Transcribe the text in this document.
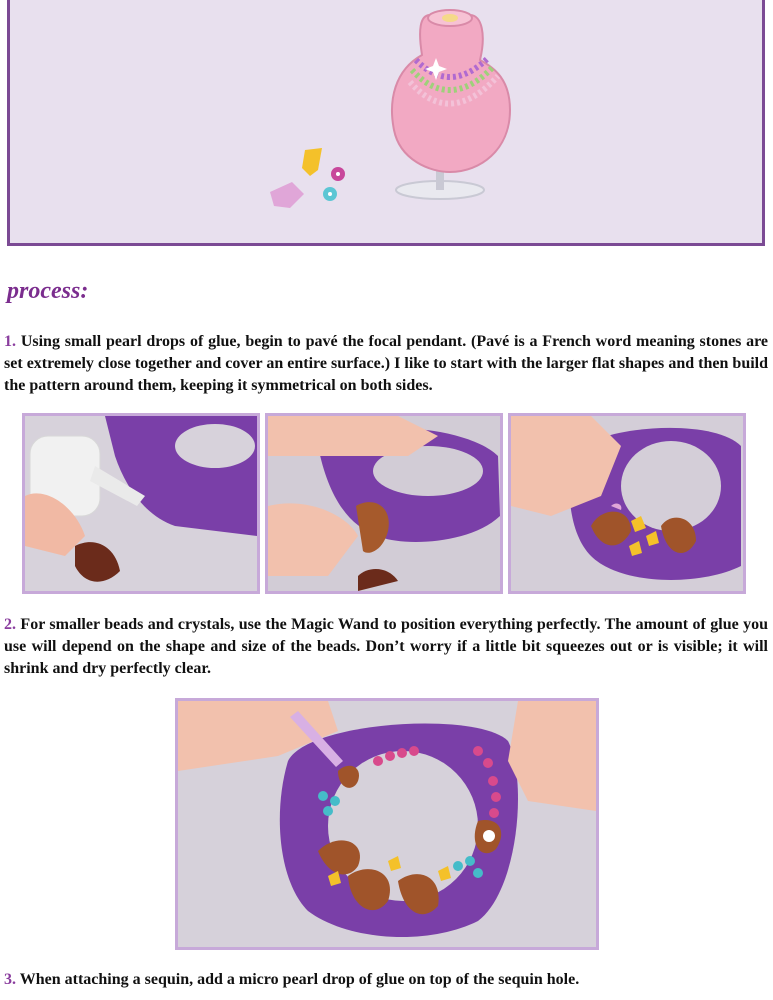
process:
1. Using small pearl drops of glue, begin to pavé the focal pendant. (Pavé is a French word meaning stones are set extremely close together and cover an entire surface.) I like to start with the larger flat shapes and then build the pattern around them, keeping it symmetrical on both sides.
2. For smaller beads and crystals, use the Magic Wand to position everything perfectly. The amount of glue you use will depend on the shape and size of the beads. Don’t worry if a little bit squeezes out or is visible; it will shrink and dry perfectly clear.
3. When attaching a sequin, add a micro pearl drop of glue on top of the sequin hole.
